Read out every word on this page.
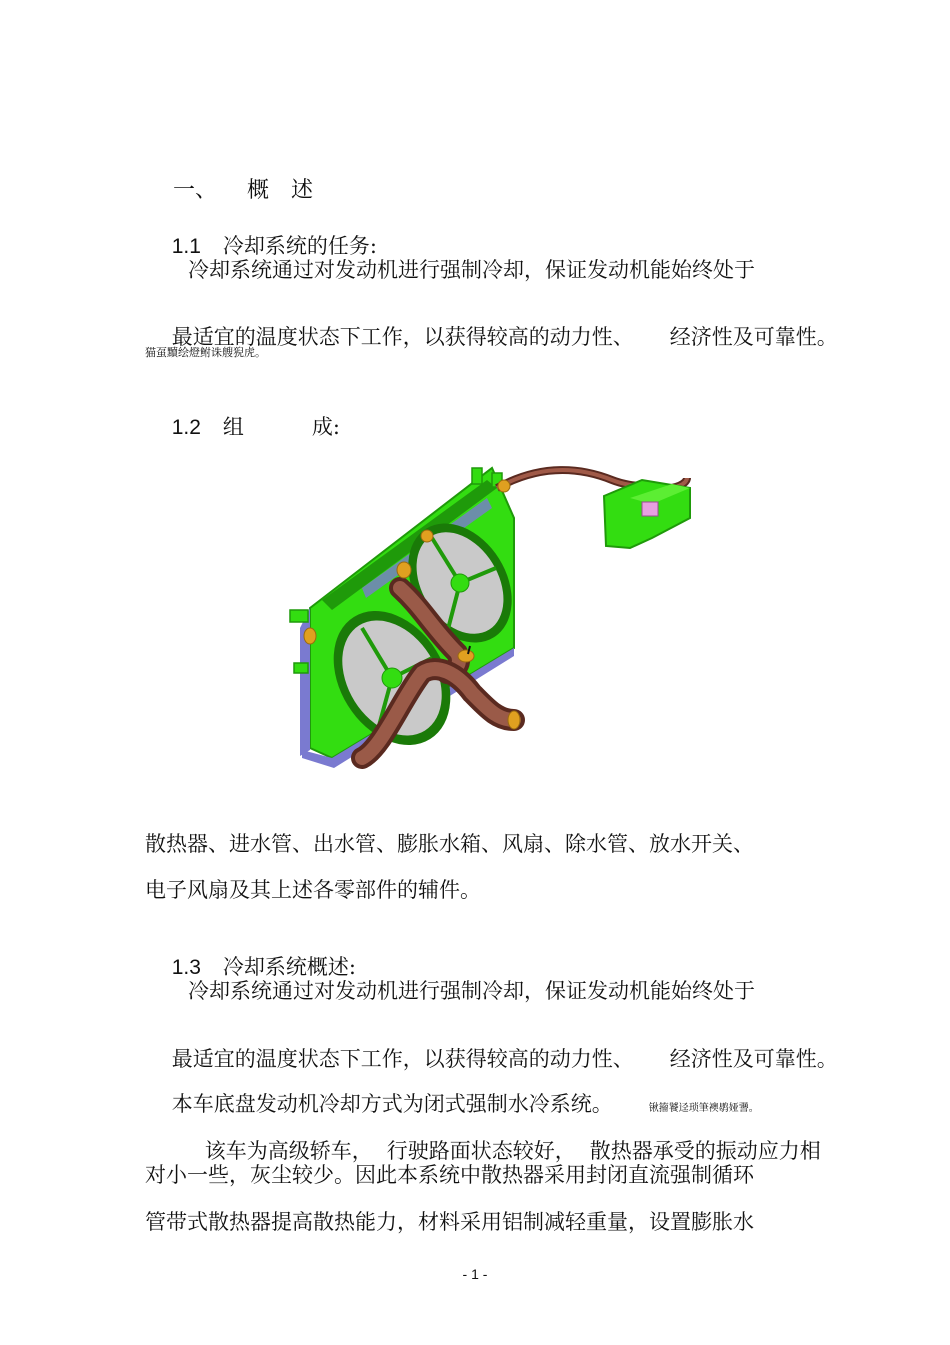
一、 概　述

1.1 冷却系统的任务:

冷却系统通过对发动机进行强制冷却，保证发动机能始终处于

最适宜的温度状态下工作，以获得较高的动力性、 经济性及可靠性。

猫虿黷绘燈鲋诛艘猊虎。

1.2 组	成:

散热器、进水管、出水管、膨胀水箱、风扇、除水管、放水开关、
电子风扇及其上述各零部件的辅件。

1.3 冷却系统概述:

冷却系统通过对发动机进行强制冷却，保证发动机能始终处于

最适宜的温度状态下工作，以获得较高的动力性、 经济性及可靠性。

本车底盘发动机冷却方式为闭式强制水冷系统。	锹籀饕迳琐筆襖鹖娅謽。

该车为高级轿车， 行驶路面状态较好， 散热器承受的振动应力相

对小一些，灰尘较少。因此本系统中散热器采用封闭直流强制循环
管带式散热器提高散热能力，材料采用铝制减轻重量，设置膨胀水
- 1 -
